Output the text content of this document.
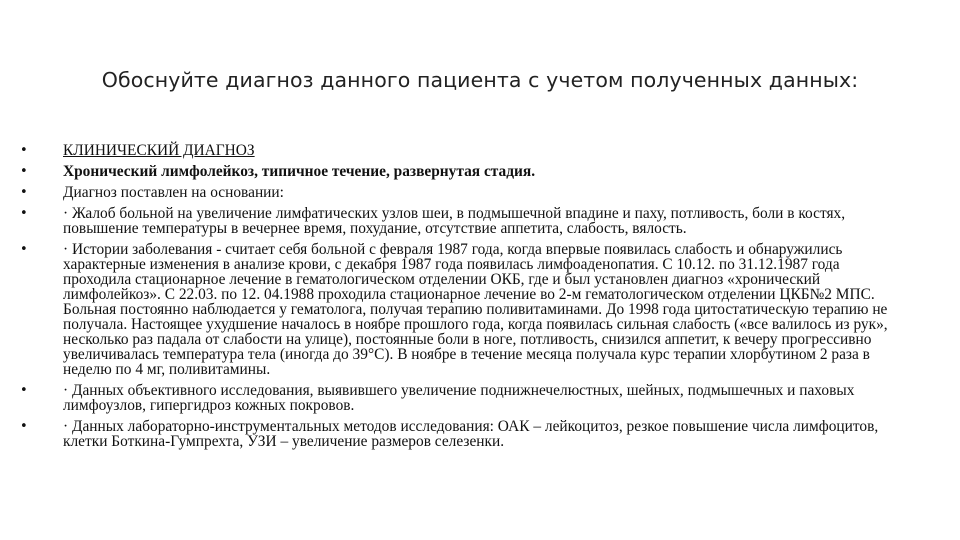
Обоснуйте диагноз данного пациента с учетом полученных данных:
• КЛИНИЧЕСКИЙ ДИАГНОЗ
• Хронический лимфолейкоз, типичное течение, развернутая стадия.
• Диагноз поставлен на основании:
• · Жалоб больной на увеличение лимфатических узлов шеи, в подмышечной впадине и паху, потливость, боли в костях, повышение температуры в вечернее время, похудание, отсутствие аппетита, слабость, вялость.
• · Истории заболевания - считает себя больной с февраля 1987 года, когда впервые появилась слабость и обнаружились характерные изменения в анализе крови, с декабря 1987 года появилась лимфоаденопатия. С 10.12. по 31.12.1987 года проходила стационарное лечение в гематологическом отделении ОКБ, где и был установлен диагноз «хронический лимфолейкоз». С 22.03. по 12. 04.1988 проходила стационарное лечение во 2-м гематологическом отделении ЦКБ№2 МПС. Больная постоянно наблюдается у гематолога, получая терапию поливитаминами. До 1998 года цитостатическую терапию не получала. Настоящее ухудшение началось в ноябре прошлого года, когда появилась сильная слабость («все валилось из рук», несколько раз падала от слабости на улице), постоянные боли в ноге, потливость, снизился аппетит, к вечеру прогрессивно увеличивалась температура тела (иногда до 39°С). В ноябре в течение месяца получала курс терапии хлорбутином 2 раза в неделю по 4 мг, поливитамины.
• · Данных объективного исследования, выявившего увеличение поднижнечелюстных, шейных, подмышечных и паховых лимфоузлов, гипергидроз кожных покровов.
• · Данных лабораторно-инструментальных методов исследования: ОАК – лейкоцитоз, резкое повышение числа лимфоцитов, клетки Боткина-Гумпрехта, УЗИ – увеличение размеров селезенки.
